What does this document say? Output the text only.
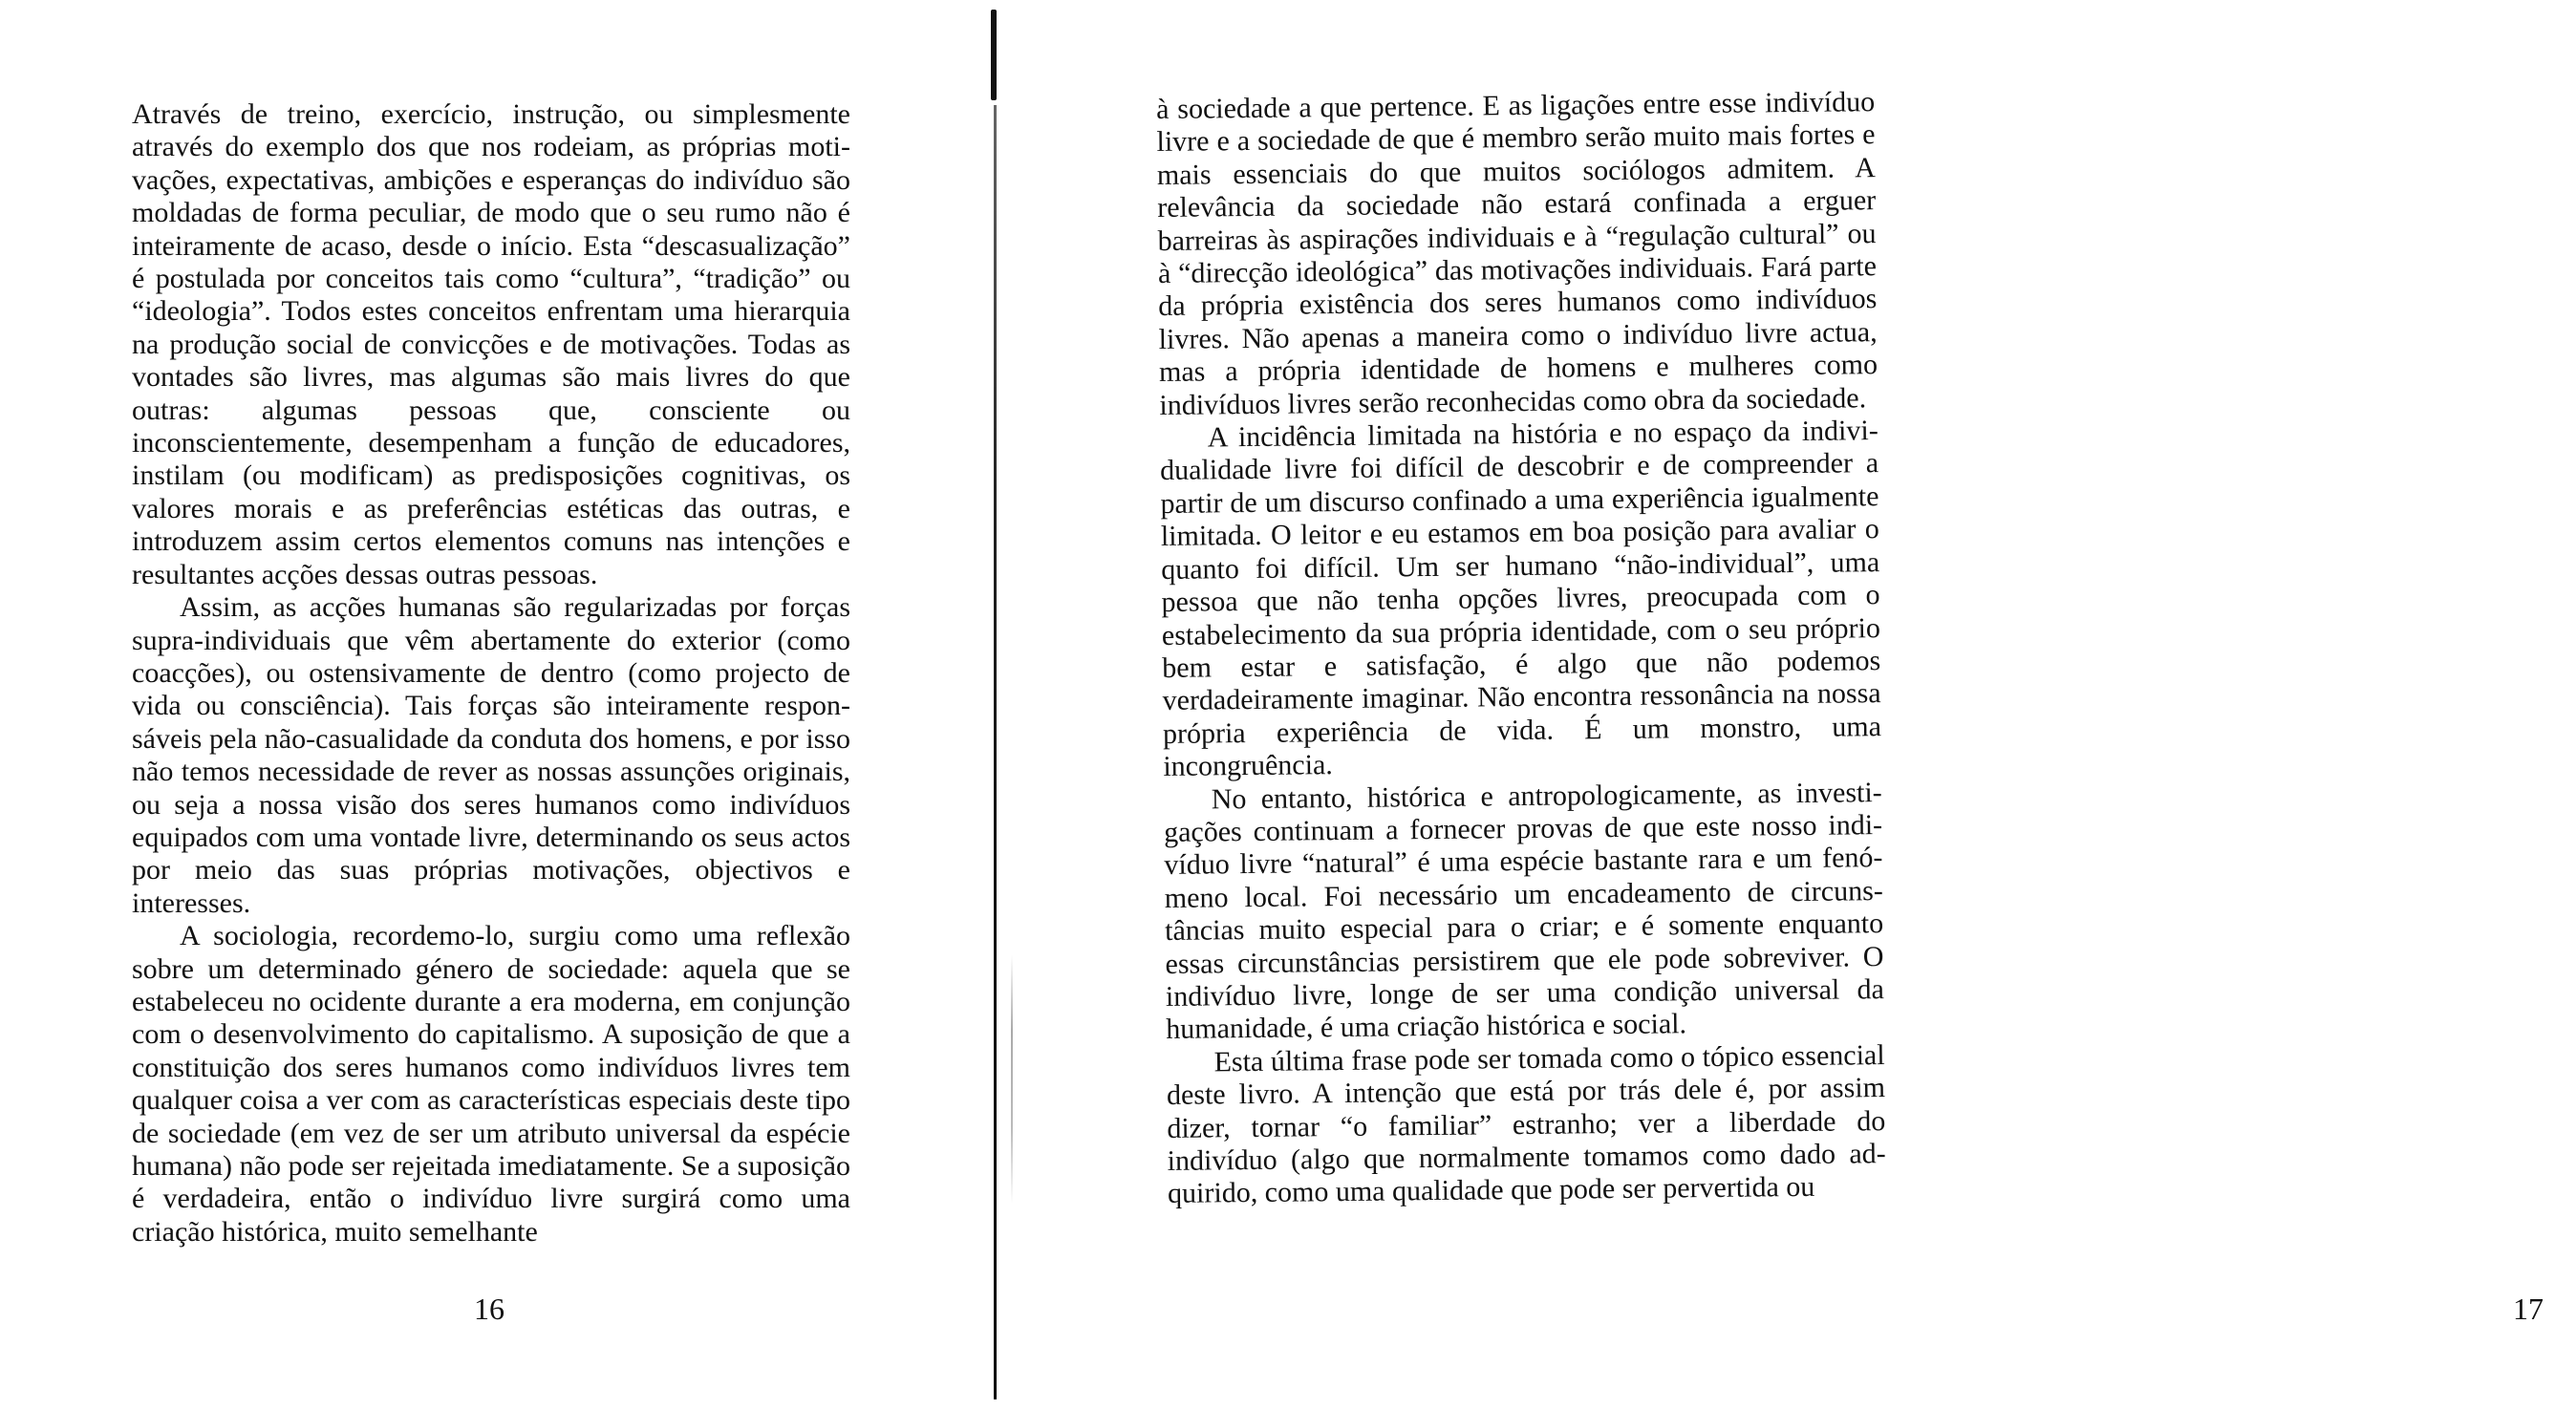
Através de treino, exercício, instrução, ou simplesmente através do exemplo dos que nos rodeiam, as próprias motivações, expectativas, ambições e esperanças do indivíduo são moldadas de forma peculiar, de modo que o seu rumo não é inteiramente de acaso, desde o início. Esta “descasualização” é postulada por conceitos tais como “cultura”, “tradição” ou “ideologia”. Todos estes conceitos enfrentam uma hierarquia na produção social de convicções e de motivações. Todas as vontades são livres, mas algumas são mais livres do que outras: algumas pessoas que, consciente ou inconscientemente, desempenham a função de educadores, instilam (ou modificam) as predisposições cognitivas, os valores morais e as preferências estéticas das outras, e introduzem assim certos elementos comuns nas intenções e resultantes acções dessas outras pessoas.

Assim, as acções humanas são regularizadas por forças supra-individuais que vêm abertamente do exterior (como coacções), ou ostensivamente de dentro (como projecto de vida ou consciência). Tais forças são inteiramente responsáveis pela não-casualidade da conduta dos homens, e por isso não temos necessidade de rever as nossas assunções originais, ou seja a nossa visão dos seres humanos como indivíduos equipados com uma vontade livre, determinando os seus actos por meio das suas próprias motivações, objectivos e interesses.

A sociologia, recordemo-lo, surgiu como uma reflexão sobre um determinado género de sociedade: aquela que se estabeleceu no ocidente durante a era moderna, em conjunção com o desenvolvimento do capitalismo. A suposição de que a constituição dos seres humanos como indivíduos livres tem qualquer coisa a ver com as características especiais deste tipo de sociedade (em vez de ser um atributo universal da espécie humana) não pode ser rejeitada imediatamente. Se a suposição é verdadeira, então o indivíduo livre surgirá como uma criação histórica, muito semelhante

16

à sociedade a que pertence. E as ligações entre esse indivíduo livre e a sociedade de que é membro serão muito mais fortes e mais essenciais do que muitos sociólogos admitem. A relevância da sociedade não estará confinada a erguer barreiras às aspirações individuais e à “regulação cultural” ou à “direcção ideológica” das motivações individuais. Fará parte da própria existência dos seres humanos como indivíduos livres. Não apenas a maneira como o indivíduo livre actua, mas a própria identidade de homens e mulheres como indivíduos livres serão reconhecidas como obra da sociedade.

A incidência limitada na história e no espaço da individualidade livre foi difícil de descobrir e de compreender a partir de um discurso confinado a uma experiência igualmente limitada. O leitor e eu estamos em boa posição para avaliar o quanto foi difícil. Um ser humano “não-individual”, uma pessoa que não tenha opções livres, preocupada com o estabelecimento da sua própria identidade, com o seu próprio bem estar e satisfação, é algo que não podemos verdadeiramente imaginar. Não encontra ressonância na nossa própria experiência de vida. É um monstro, uma incongruência.

No entanto, histórica e antropologicamente, as investigações continuam a fornecer provas de que este nosso indivíduo livre “natural” é uma espécie bastante rara e um fenómeno local. Foi necessário um encadeamento de circunstâncias muito especial para o criar; e é somente enquanto essas circunstâncias persistirem que ele pode sobreviver. O indivíduo livre, longe de ser uma condição universal da humanidade, é uma criação histórica e social.

Esta última frase pode ser tomada como o tópico essencial deste livro. A intenção que está por trás dele é, por assim dizer, tornar “o familiar” estranho; ver a liberdade do indivíduo (algo que normalmente tomamos como dado adquirido, como uma qualidade que pode ser pervertida ou

17
